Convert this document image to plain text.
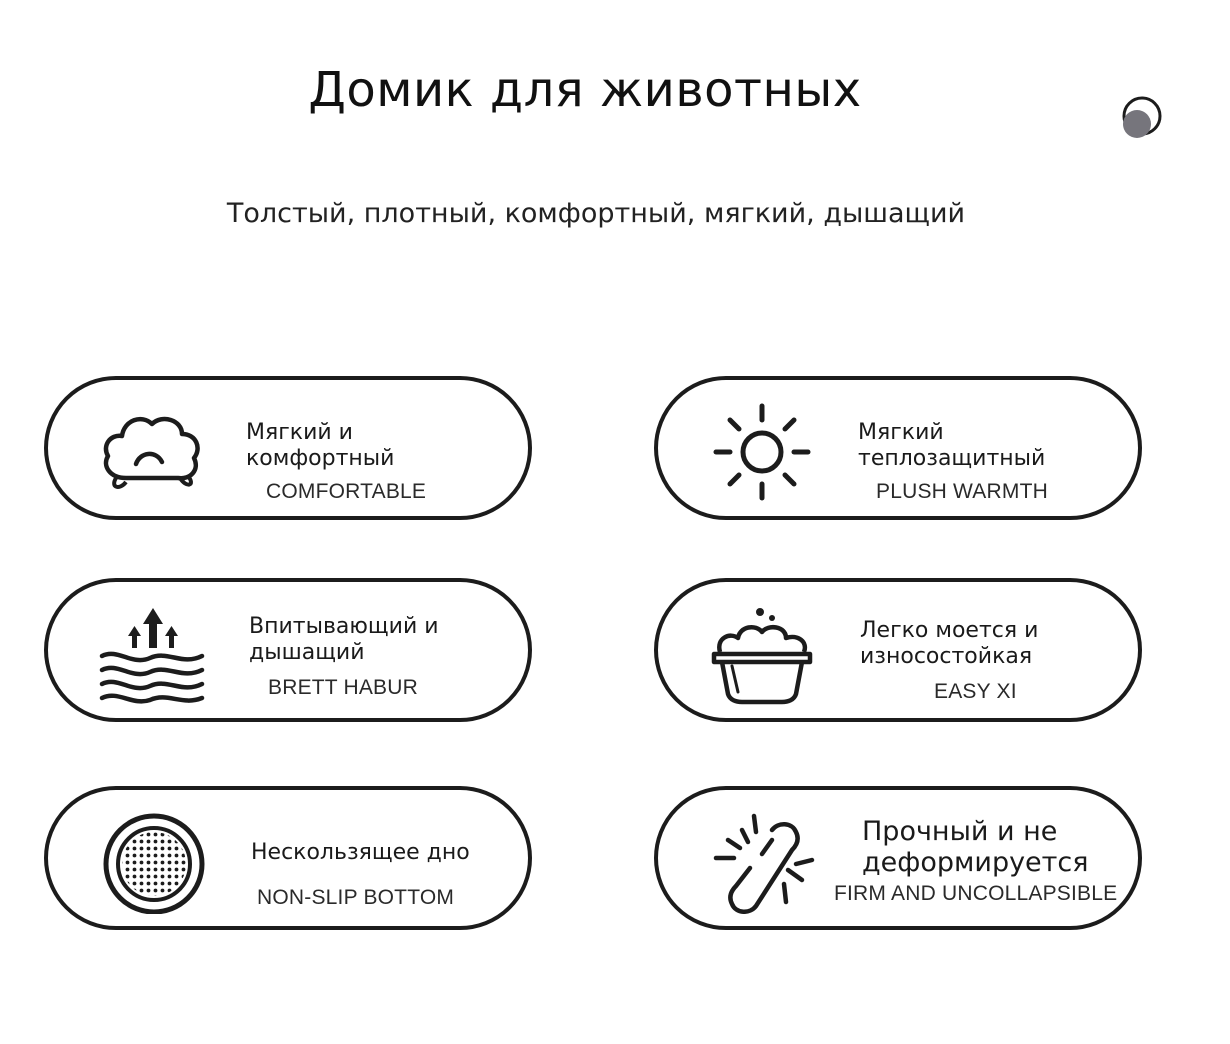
Домик для животных
Толстый, плотный, комфортный, мягкий, дышащий
Мягкий и
комфортный
COMFORTABLE
Мягкий
теплозащитный
PLUSH WARMTH
Впитывающий и
дышащий
BRETT HABUR
Легко моется и
износостойкая
EASY XI
Нескользящее дно
NON-SLIP BOTTOM
Прочный и не
деформируется
FIRM AND UNCOLLAPSIBLE
